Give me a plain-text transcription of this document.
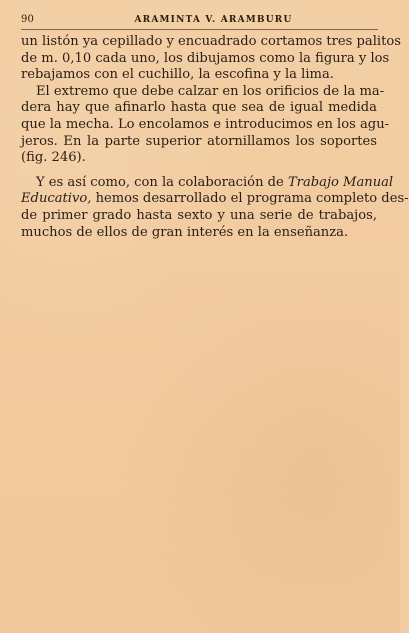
90	ARAMINTA V. ARAMBURU
un listón ya cepillado y encuadrado cortamos tres palitos
de m. 0,10 cada uno, los dibujamos como la figura y los
rebajamos con el cuchillo, la escofina y la lima.
El extremo que debe calzar en los orificios de la ma-
dera hay que afinarlo hasta que sea de igual medida
que la mecha. Lo encolamos e introducimos en los agu-
jeros. En la parte superior atornillamos los soportes
(fig. 246).
Y es así como, con la colaboración de Trabajo Manual
Educativo, hemos desarrollado el programa completo des-
de primer grado hasta sexto y una serie de trabajos,
muchos de ellos de gran interés en la enseñanza.
